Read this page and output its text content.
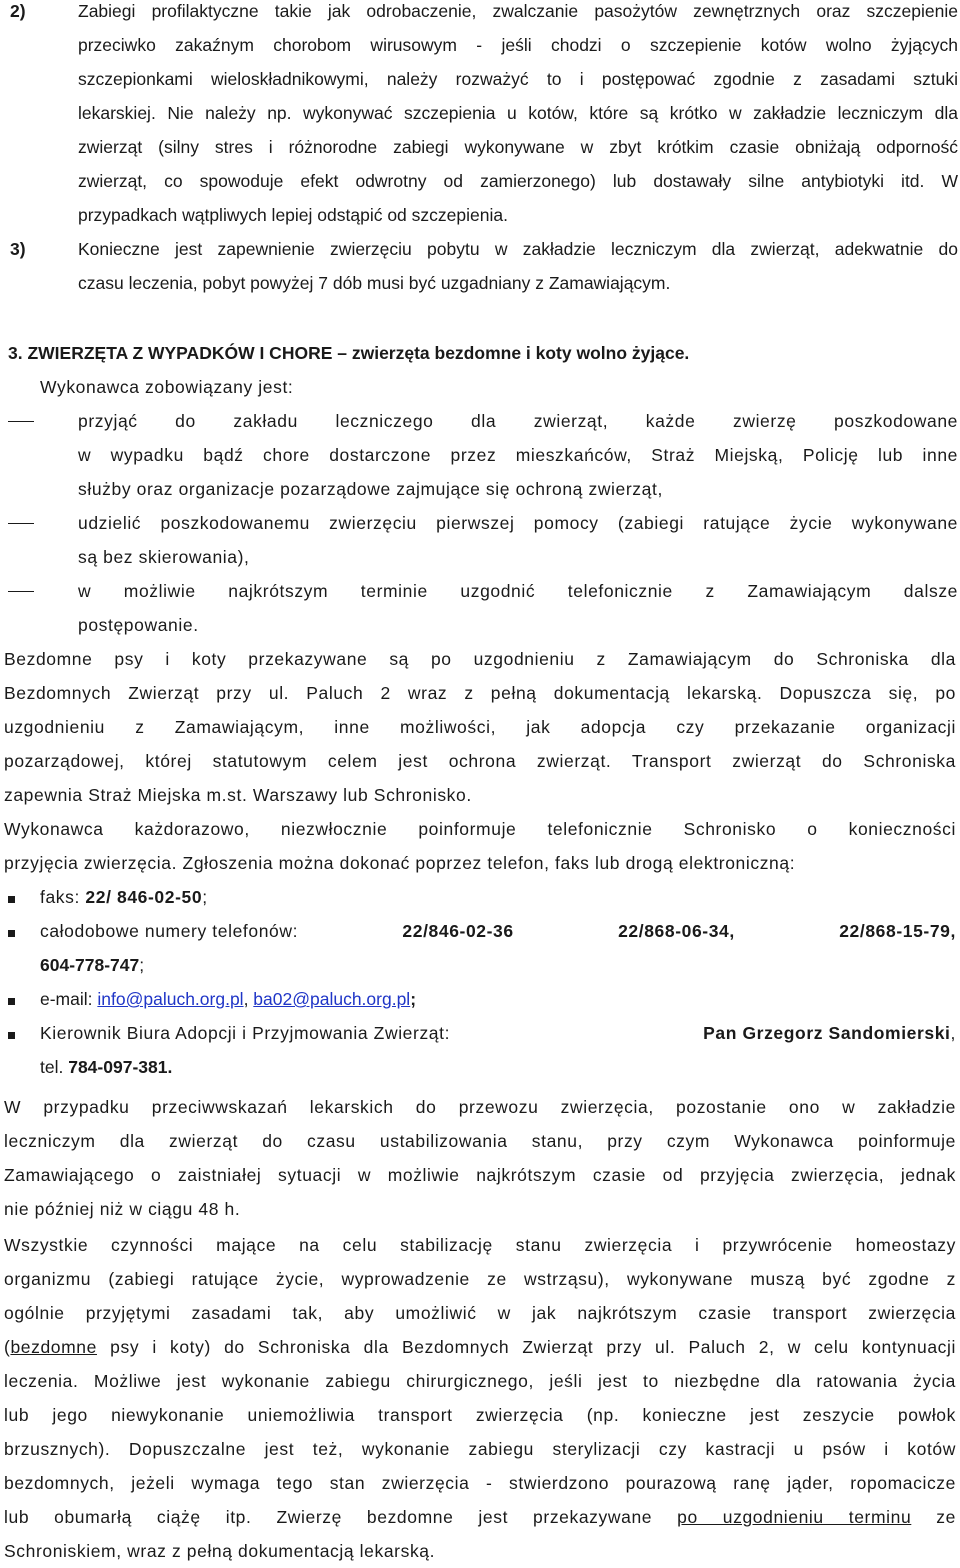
2)	Zabiegi profilaktyczne takie jak odrobaczenie, zwalczanie pasożytów zewnętrznych oraz szczepienie
przeciwko zakaźnym chorobom wirusowym - jeśli chodzi o szczepienie kotów wolno żyjących
szczepionkami wieloskładnikowymi, należy rozważyć to i postępować zgodnie z zasadami sztuki
lekarskiej. Nie należy np. wykonywać szczepienia u kotów, które są krótko w zakładzie leczniczym dla
zwierząt (silny stres i różnorodne zabiegi wykonywane w zbyt krótkim czasie obniżają odporność
zwierząt, co spowoduje efekt odwrotny od zamierzonego) lub dostawały silne antybiotyki itd. W
przypadkach wątpliwych lepiej odstąpić od szczepienia.
3)	Konieczne jest zapewnienie zwierzęciu pobytu w zakładzie leczniczym dla zwierząt, adekwatnie do
czasu leczenia, pobyt powyżej 7 dób musi być uzgadniany z Zamawiającym.
3. ZWIERZĘTA Z WYPADKÓW I CHORE – zwierzęta bezdomne i koty wolno żyjące.
Wykonawca zobowiązany jest:
przyjąć do zakładu leczniczego dla zwierząt, każde zwierzę poszkodowane
w wypadku bądź chore dostarczone przez mieszkańców, Straż Miejską, Policję lub inne
służby oraz organizacje pozarządowe zajmujące się ochroną zwierząt,
udzielić poszkodowanemu zwierzęciu pierwszej pomocy (zabiegi ratujące życie wykonywane
są bez skierowania),
w możliwie najkrótszym terminie uzgodnić telefonicznie z Zamawiającym dalsze
postępowanie.
Bezdomne psy i koty przekazywane są po uzgodnieniu z Zamawiającym do Schroniska dla
Bezdomnych Zwierząt przy ul. Paluch 2 wraz z pełną dokumentacją lekarską. Dopuszcza się, po
uzgodnieniu z Zamawiającym, inne możliwości, jak adopcja czy przekazanie organizacji
pozarządowej, której statutowym celem jest ochrona zwierząt. Transport zwierząt do Schroniska
zapewnia Straż Miejska m.st. Warszawy lub Schronisko.
Wykonawca każdorazowo, niezwłocznie poinformuje telefonicznie Schronisko o konieczności
przyjęcia zwierzęcia. Zgłoszenia można dokonać poprzez telefon, faks lub drogą elektroniczną:
faks: 22/ 846-02-50;
całodobowe numery telefonów:	22/846-02-36	22/868-06-34,	22/868-15-79,
604-778-747;
e-mail: info@paluch.org.pl, ba02@paluch.org.pl;
Kierownik Biura Adopcji i Przyjmowania Zwierząt:	Pan Grzegorz Sandomierski,
tel. 784-097-381.
W przypadku przeciwwskazań lekarskich do przewozu zwierzęcia, pozostanie ono w zakładzie
leczniczym dla zwierząt do czasu ustabilizowania stanu, przy czym Wykonawca poinformuje
Zamawiającego o zaistniałej sytuacji w możliwie najkrótszym czasie od przyjęcia zwierzęcia, jednak
nie później niż w ciągu 48 h.
Wszystkie czynności mające na celu stabilizację stanu zwierzęcia i przywrócenie homeostazy
organizmu (zabiegi ratujące życie, wyprowadzenie ze wstrząsu), wykonywane muszą być zgodne z
ogólnie przyjętymi zasadami tak, aby umożliwić w jak najkrótszym czasie transport zwierzęcia
(bezdomne psy i koty) do Schroniska dla Bezdomnych Zwierząt przy ul. Paluch 2, w celu kontynuacji
leczenia. Możliwe jest wykonanie zabiegu chirurgicznego, jeśli jest to niezbędne dla ratowania życia
lub jego niewykonanie uniemożliwia transport zwierzęcia (np. konieczne jest zeszycie powłok
brzusznych). Dopuszczalne jest też, wykonanie zabiegu sterylizacji czy kastracji u psów i kotów
bezdomnych, jeżeli wymaga tego stan zwierzęcia - stwierdzono pourazową ranę jąder, ropomacicze
lub obumarłą ciążę itp. Zwierzę bezdomne jest przekazywane po uzgodnieniu terminu ze
Schroniskiem, wraz z pełną dokumentacją lekarską.
